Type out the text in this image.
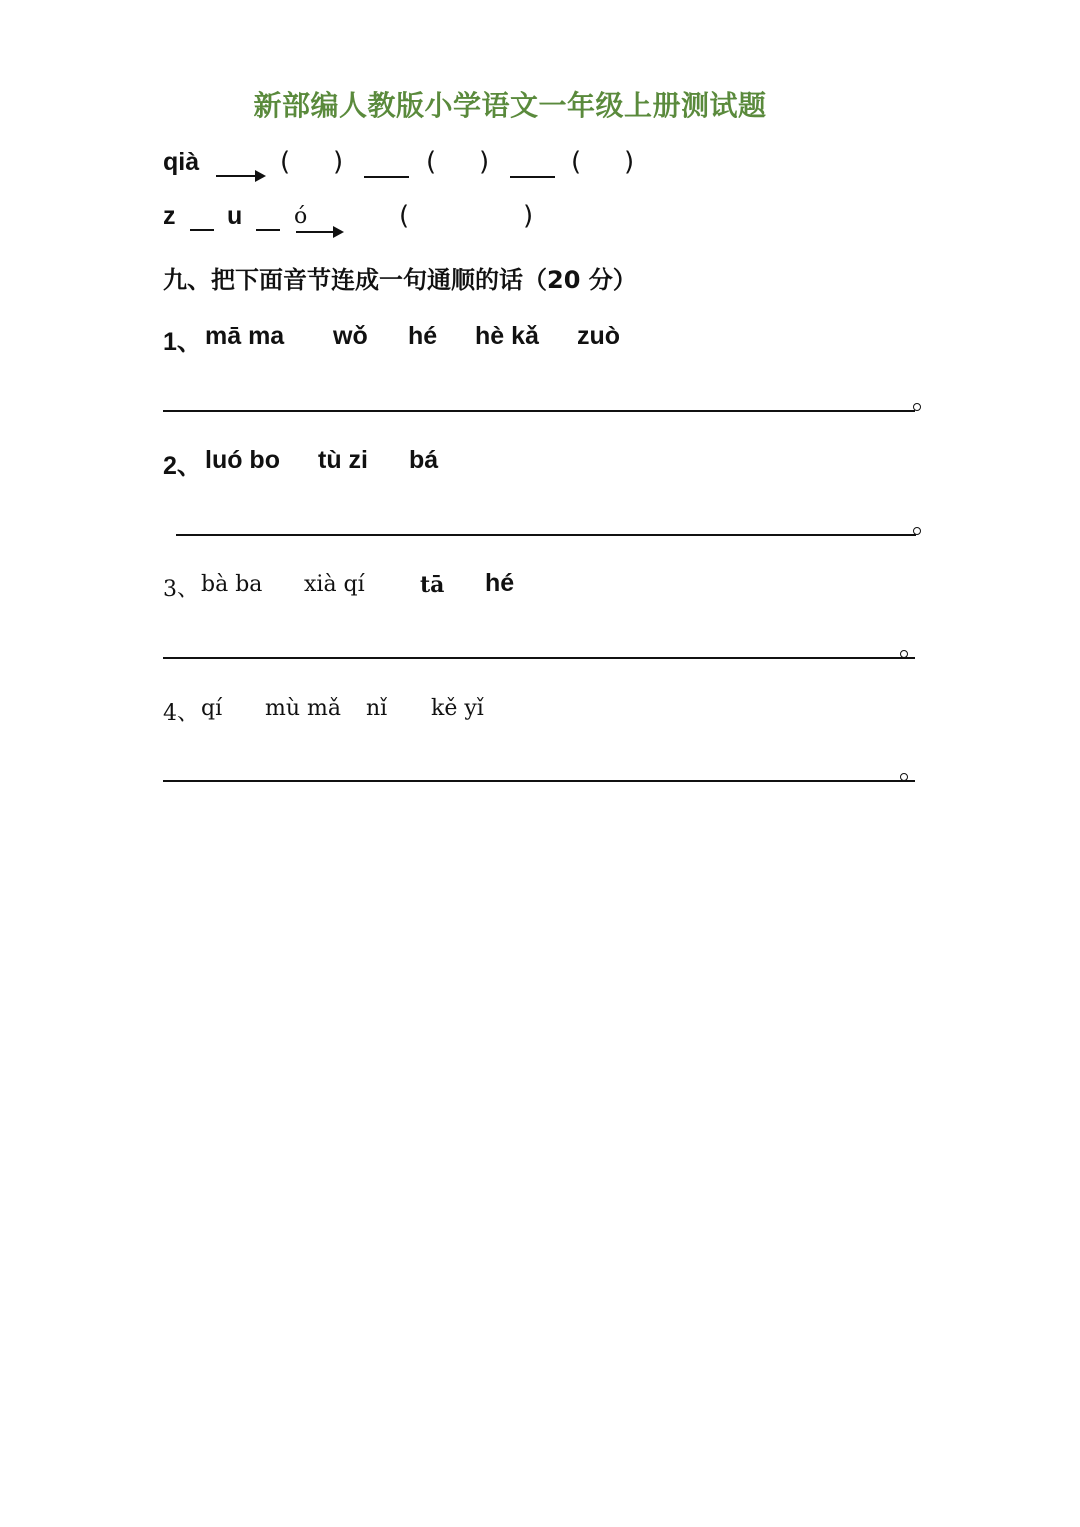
新部编人教版小学语文一年级上册测试题
qià	( )	( )	( )
z u ó	(	)
九、把下面音节连成一句通顺的话（20 分）
1、 mā ma wǒ hé hè kǎ zuò
2、 luó bo tù zi bá
3、 bà ba xià qí	tā hé
4、 qí mù mǎ nǐ kě yǐ
